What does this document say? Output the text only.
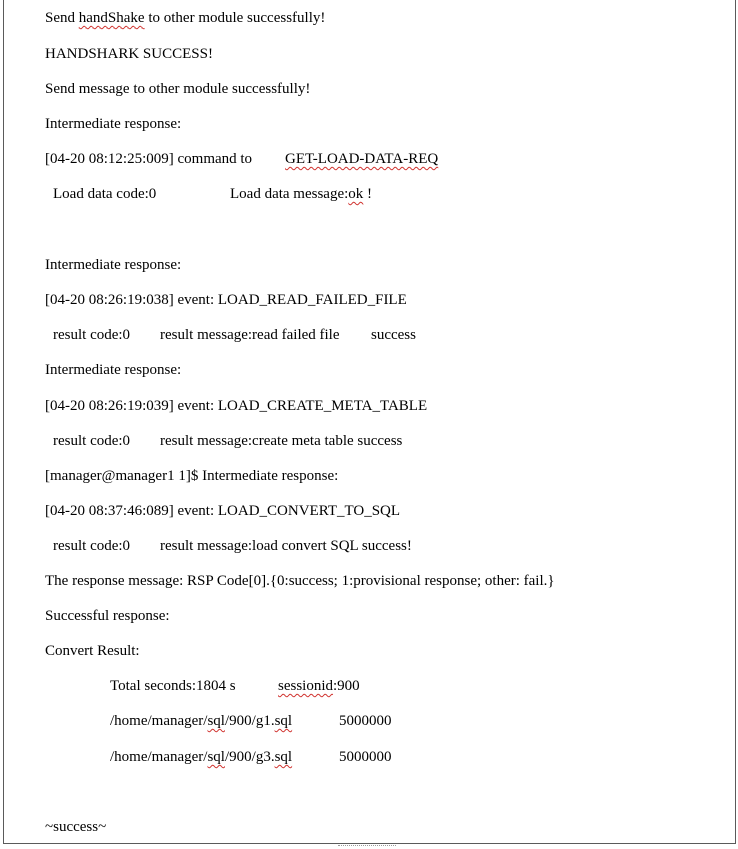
Send handShake to other module successfully!
HANDSHARK SUCCESS!
Send message to other module successfully!
Intermediate response:
[04-20 08:12:25:009] command to GET-LOAD-DATA-REQ
Load data code:0	Load data message:ok !
Intermediate response:
[04-20 08:26:19:038] event: LOAD_READ_FAILED_FILE
result code:0 result message:read failed file success
Intermediate response:
[04-20 08:26:19:039] event: LOAD_CREATE_META_TABLE
result code:0 result message:create meta table success
[manager@manager1 1]$ Intermediate response:
[04-20 08:37:46:089] event: LOAD_CONVERT_TO_SQL
result code:0 result message:load convert SQL success!
The response message: RSP Code[0].{0:success; 1:provisional response; other: fail.}
Successful response:
Convert Result:
Total seconds:1804 s	sessionid:900
/home/manager/sql/900/g1.sql	5000000
/home/manager/sql/900/g3.sql	5000000
~success~
